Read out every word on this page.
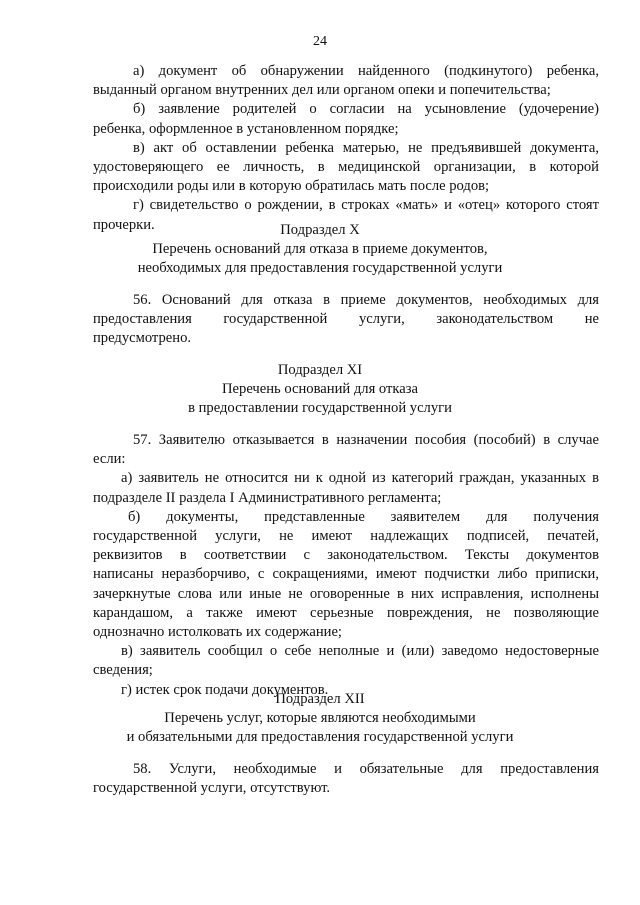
24
а) документ об обнаружении найденного (подкинутого) ребенка,
выданный органом внутренних дел или органом опеки и попечительства;
б) заявление родителей о согласии на усыновление (удочерение)
ребенка, оформленное в установленном порядке;
в) акт об оставлении ребенка матерью, не предъявившей документа,
удостоверяющего ее личность, в медицинской организации, в которой
происходили роды или в которую обратилась мать после родов;
г) свидетельство о рождении, в строках «мать» и «отец» которого стоят
прочерки.	Подраздел X
Перечень оснований для отказа в приеме документов,
необходимых для предоставления государственной услуги
56. Оснований для отказа в приеме документов, необходимых для
предоставления государственной услуги, законодательством не
предусмотрено.
Подраздел XI
Перечень оснований для отказа
в предоставлении государственной услуги
57. Заявителю отказывается в назначении пособия (пособий) в случае
если:
а) заявитель не относится ни к одной из категорий граждан, указанных в
подразделе II раздела I Административного регламента;
б) документы, представленные заявителем для получения
государственной услуги, не имеют надлежащих подписей, печатей,
реквизитов в соответствии с законодательством. Тексты документов
написаны неразборчиво, с сокращениями, имеют подчистки либо приписки,
зачеркнутые слова или иные не оговоренные в них исправления, исполнены
карандашом, а также имеют серьезные повреждения, не позволяющие
однозначно истолковать их содержание;
в) заявитель сообщил о себе неполные и (или) заведомо недостоверные
сведения;
г) истек срок подачи документов.
Подраздел XII
Перечень услуг, которые являются необходимыми
и обязательными для предоставления государственной услуги
58. Услуги, необходимые и обязательные для предоставления
государственной услуги, отсутствуют.
